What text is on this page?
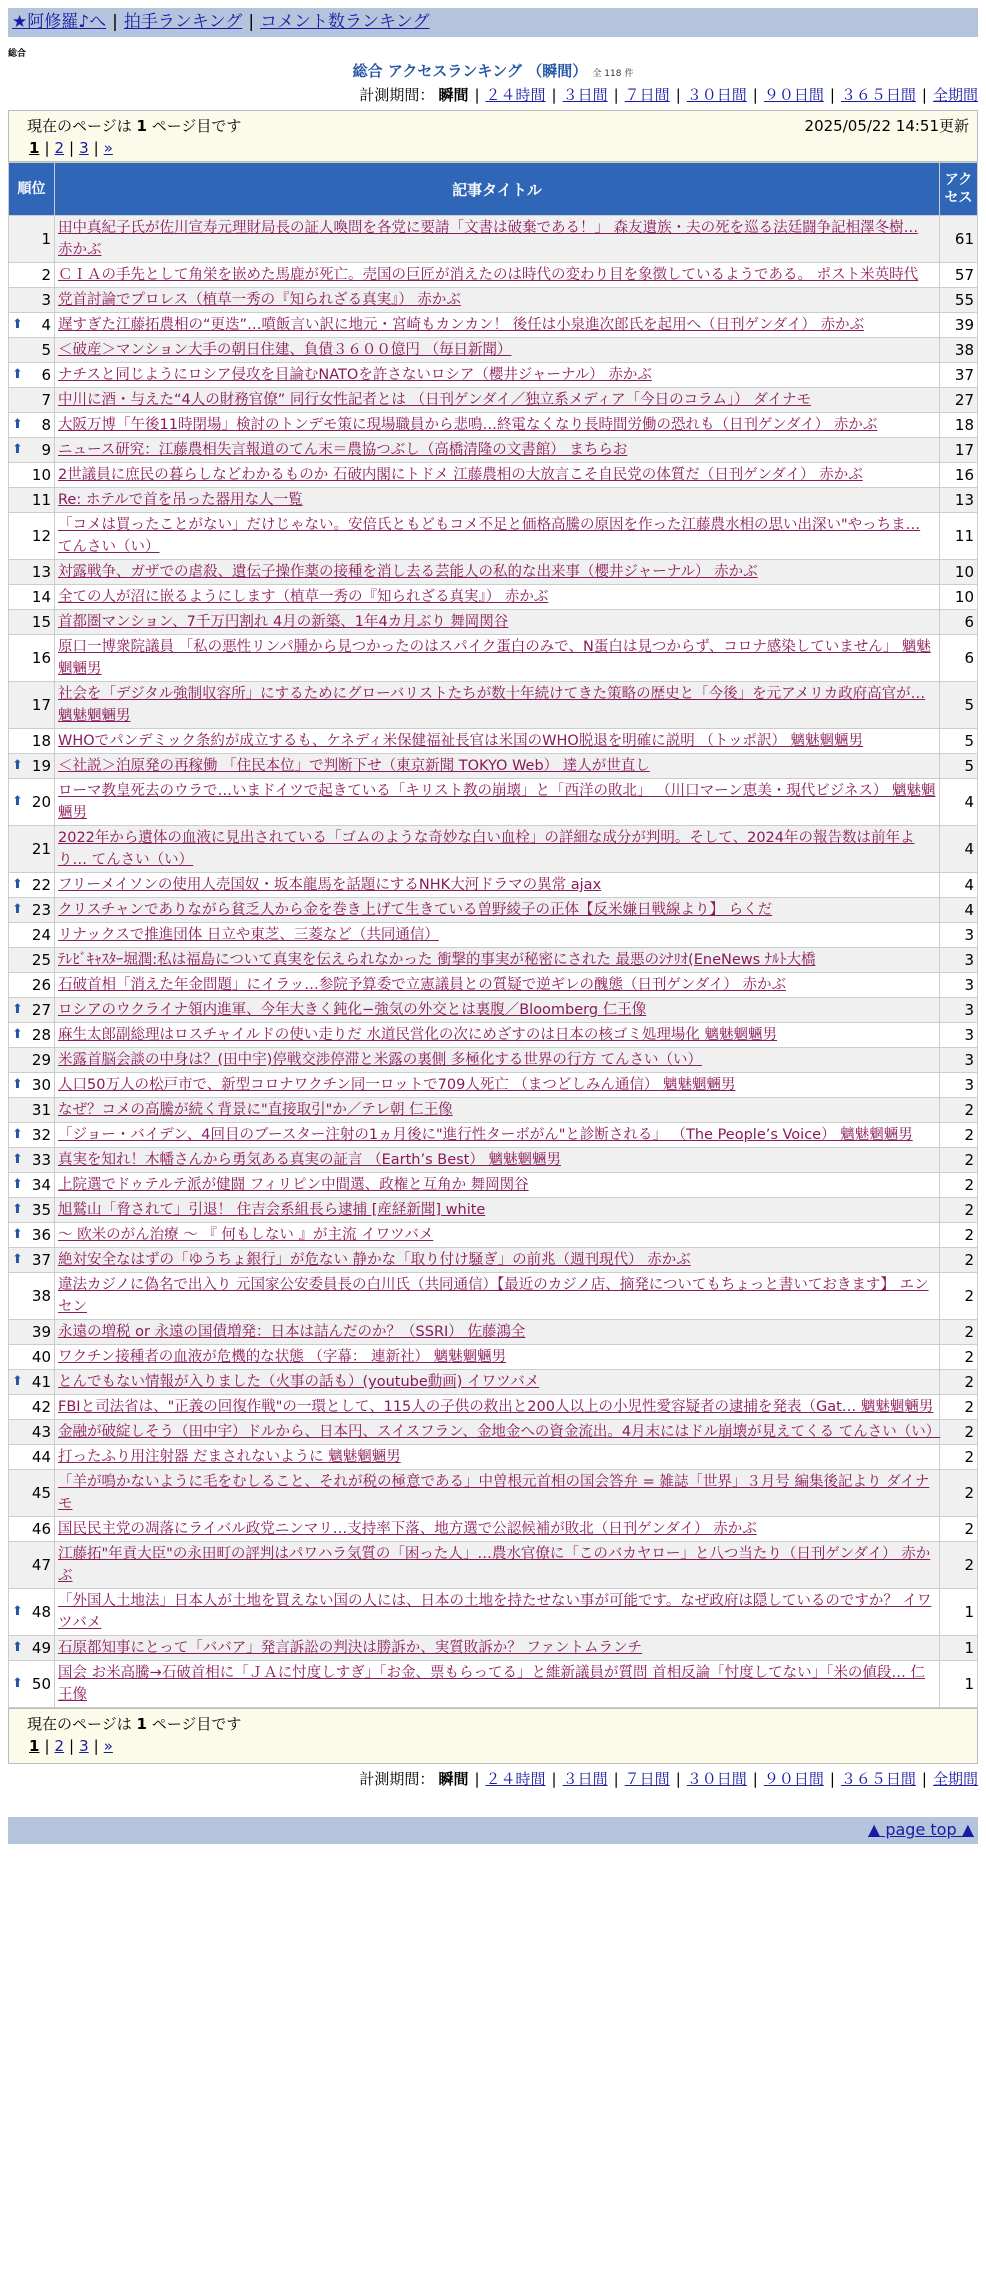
★阿修羅♪へ | 拍手ランキング | コメント数ランキング
総合
総合 アクセスランキング （瞬間） 全 118 件
計測期間： 瞬間 | ２４時間 | ３日間 | ７日間 | ３０日間 | ９０日間 | ３６５日間 | 全期間
現在のページは 1 ページ目です	2025/05/22 14:51更新
1 | 2 | 3 | »
順位	記事タイトル	アクセス
1	田中真紀子氏が佐川宣寿元理財局長の証人喚問を各党に要請「文書は破棄である！」 森友遺族・夫の死を巡る法廷闘争記相澤冬樹… 赤かぶ	61
2	ＣＩＡの手先として角栄を嵌めた馬鹿が死亡。売国の巨匠が消えたのは時代の変わり目を象徴しているようである。 ポスト米英時代	57
3	党首討論でプロレス（植草一秀の『知られざる真実』） 赤かぶ	55

⬆ 4	遅すぎた江藤拓農相の“更迭”…噴飯言い訳に地元・宮崎もカンカン！ 後任は小泉進次郎氏を起用へ（日刊ゲンダイ） 赤かぶ	39
5	＜破産＞マンション大手の朝日住建、負債３６００億円 （毎日新聞）	38

⬆ 6	ナチスと同じようにロシア侵攻を目論むNATOを許さないロシア（櫻井ジャーナル） 赤かぶ	37
7	中川に酒・与えた“4人の財務官僚” 同行女性記者とは （日刊ゲンダイ／独立系メディア「今日のコラム」） ダイナモ	27

⬆ 8	大阪万博「午後11時閉場」検討のトンデモ策に現場職員から悲鳴…終電なくなり長時間労働の恐れも（日刊ゲンダイ） 赤かぶ	18

⬆ 9	ニュース研究：江藤農相失言報道のてん末＝農協つぶし（高橋清隆の文書館） まちらお	17
10	2世議員に庶民の暮らしなどわかるものか 石破内閣にトドメ 江藤農相の大放言こそ自民党の体質だ（日刊ゲンダイ） 赤かぶ	16
11	Re: ホテルで首を吊った器用な人一覧	13
12	「コメは買ったことがない」だけじゃない。安倍氏ともどもコメ不足と価格高騰の原因を作った江藤農水相の思い出深い"やっちま… てんさい（い）	11
13	対露戦争、ガザでの虐殺、遺伝子操作薬の接種を消し去る芸能人の私的な出来事（櫻井ジャーナル） 赤かぶ	10
14	全ての人が沼に嵌るようにします（植草一秀の『知られざる真実』） 赤かぶ	10
15	首都圏マンション、7千万円割れ 4月の新築、1年4カ月ぶり 舞岡関谷	6
16	原口一博衆院議員 「私の悪性リンパ腫から見つかったのはスパイク蛋白のみで、N蛋白は見つからず、コロナ感染していません」 魑魅魍魎男	6
17	社会を「デジタル強制収容所」にするためにグローバリストたちが数十年続けてきた策略の歴史と「今後」を元アメリカ政府高官が… 魑魅魍魎男	5
18	WHOでパンデミック条約が成立するも、ケネディ米保健福祉長官は米国のWHO脱退を明確に説明 （トッポ訳） 魑魅魍魎男	5

⬆ 19	＜社説＞泊原発の再稼働 「住民本位」で判断下せ（東京新聞 TOKYO Web） 達人が世直し	5

⬆ 20	ローマ教皇死去のウラで…いまドイツで起きている「キリスト教の崩壊」と「西洋の敗北」 （川口マーン恵美・現代ビジネス） 魑魅魍魎男	4
21	2022年から遺体の血液に見出されている「ゴムのような奇妙な白い血栓」の詳細な成分が判明。そして、2024年の報告数は前年より… てんさい（い）	4

⬆ 22	フリーメイソンの使用人売国奴・坂本龍馬を話題にするNHK大河ドラマの異常 ajax	4

⬆ 23	クリスチャンでありながら貧乏人から金を巻き上げて生きている曽野綾子の正体【反米嫌日戦線より】 らくだ	4
24	リナックスで推進団体 日立や東芝、三菱など（共同通信）	3
25	ﾃﾚﾋﾞｷｬｽﾀｰ堀潤:私は福島について真実を伝えられなかった 衝撃的事実が秘密にされた 最悪のｼﾅﾘｵ(EneNews ﾅﾙﾄ大橋	3
26	石破首相「消えた年金問題」にイラッ…参院予算委で立憲議員との質疑で逆ギレの醜態（日刊ゲンダイ） 赤かぶ	3

⬆ 27	ロシアのウクライナ領内進軍、今年大きく鈍化−強気の外交とは裏腹／Bloomberg 仁王像	3

⬆ 28	麻生太郎副総理はロスチャイルドの使い走りだ 水道民営化の次にめざすのは日本の核ゴミ処理場化 魑魅魍魎男	3
29	米露首脳会談の中身は？(田中宇)停戦交渉停滞と米露の裏側 多極化する世界の行方 てんさい（い）	3

⬆ 30	人口50万人の松戸市で、新型コロナワクチン同一ロットで709人死亡 （まつどしみん通信） 魑魅魍魎男	3
31	なぜ？コメの高騰が続く背景に"直接取引"か／テレ朝 仁王像	2

⬆ 32	「ジョー・バイデン、4回目のブースター注射の1ヵ月後に"進行性ターボがん"と診断される」 （The People’s Voice） 魑魅魍魎男	2

⬆ 33	真実を知れ！木幡さんから勇気ある真実の証言 （Earth’s Best） 魑魅魍魎男	2

⬆ 34	上院選でドゥテルテ派が健闘 フィリピン中間選、政権と互角か 舞岡関谷	2

⬆ 35	旭鷲山「脅されて」引退！ 住吉会系組長ら逮捕 [産経新聞] white	2

⬆ 36	〜 欧米のがん治療 〜 『 何もしない 』が主流 イワツバメ	2

⬆ 37	絶対安全なはずの「ゆうちょ銀行」が危ない 静かな「取り付け騒ぎ」の前兆（週刊現代） 赤かぶ	2
38	違法カジノに偽名で出入り 元国家公安委員長の白川氏（共同通信）【最近のカジノ店、摘発についてもちょっと書いておきます】 エンセン	2
39	永遠の増税 or 永遠の国債増発：日本は詰んだのか？（SSRI） 佐藤鴻全	2
40	ワクチン接種者の血液が危機的な状態 （字幕： 連新社） 魑魅魍魎男	2

⬆ 41	とんでもない情報が入りました（火事の話も）(youtube動画) イワツバメ	2
42	FBIと司法省は、"正義の回復作戦"の一環として、115人の子供の救出と200人以上の小児性愛容疑者の逮捕を発表（Gat… 魑魅魍魎男	2
43	金融が破綻しそう（田中宇）ドルから、日本円、スイスフラン、金地金への資金流出。4月末にはドル崩壊が見えてくる てんさい（い）	2
44	打ったふり用注射器 だまされないように 魑魅魍魎男	2
45	「羊が鳴かないように毛をむしること、それが税の極意である」中曽根元首相の国会答弁 = 雑誌「世界」３月号 編集後記より ダイナモ	2
46	国民民主党の凋落にライバル政党ニンマリ…支持率下落、地方選で公認候補が敗北（日刊ゲンダイ） 赤かぶ	2
47	江藤拓"年貢大臣"の永田町の評判はパワハラ気質の「困った人」…農水官僚に「このバカヤロー」と八つ当たり（日刊ゲンダイ） 赤かぶ	2

⬆ 48	「外国人土地法」日本人が土地を買えない国の人には、日本の土地を持たせない事が可能です。なぜ政府は隠しているのですか？ イワツバメ	1

⬆ 49	石原都知事にとって「ババア」発言訴訟の判決は勝訴か、実質敗訴か？ ファントムランチ	1

⬆ 50	国会 お米高騰→石破首相に「ＪＡに忖度しすぎ」「お金、票もらってる」と維新議員が質問 首相反論「忖度してない」「米の値段… 仁王像	1
現在のページは 1 ページ目です
1 | 2 | 3 | »
計測期間： 瞬間 | ２４時間 | ３日間 | ７日間 | ３０日間 | ９０日間 | ３６５日間 | 全期間
▲ page top ▲
